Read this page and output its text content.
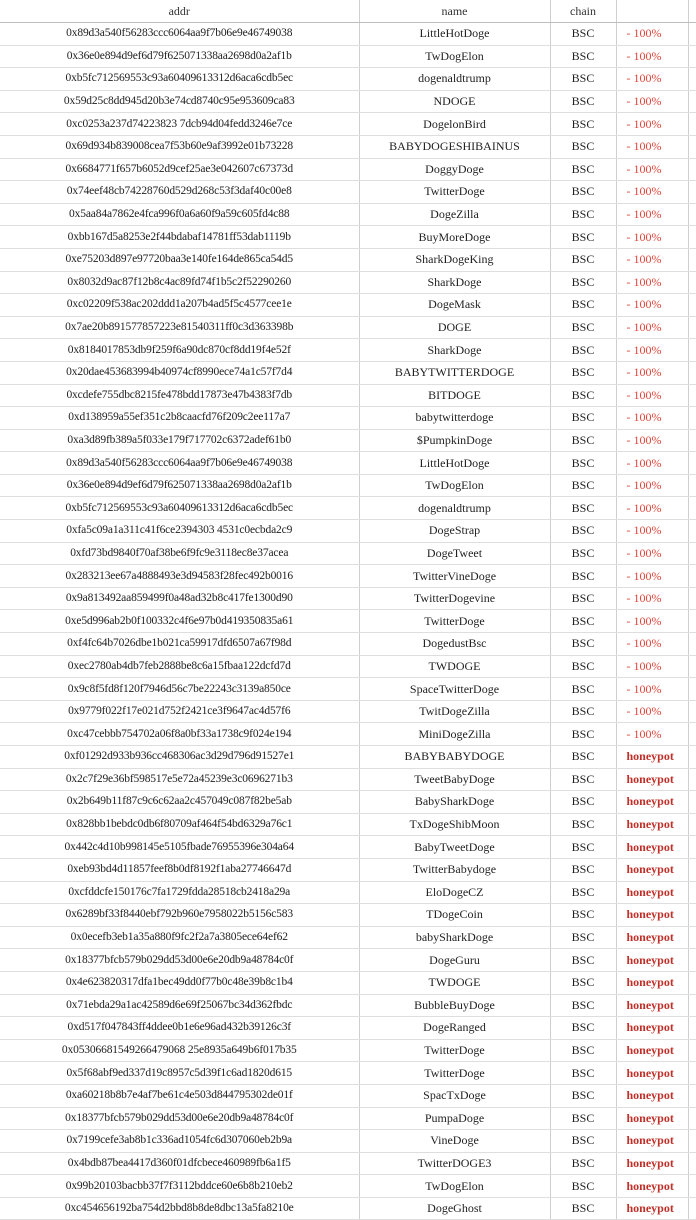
addr	name	chain		
0x89d3a540f56283ccc6064aa9f7b06e9e46749038	LittleHotDoge	BSC	- 100%	
0x36e0e894d9ef6d79f625071338aa2698d0a2af1b	TwDogElon	BSC	- 100%	
0xb5fc712569553c93a60409613312d6aca6cdb5ec	dogenaldtrump	BSC	- 100%	
0x59d25c8dd945d20b3e74cd8740c95e953609ca83	NDOGE	BSC	- 100%	
0xc0253a237d74223823 7dcb94d04fedd3246e7ce	DogelonBird	BSC	- 100%	
0x69d934b839008cea7f53b60e9af3992e01b73228	BABYDOGESHIBAINUS	BSC	- 100%	
0x6684771f657b6052d9cef25ae3e042607c67373d	DoggyDoge	BSC	- 100%	
0x74eef48cb74228760d529d268c53f3daf40c00e8	TwitterDoge	BSC	- 100%	
0x5aa84a7862e4fca996f0a6a60f9a59c605fd4c88	DogeZilla	BSC	- 100%	
0xbb167d5a8253e2f44bdabaf14781ff53dab1119b	BuyMoreDoge	BSC	- 100%	
0xe75203d897e97720baa3e140fe164de865ca54d5	SharkDogeKing	BSC	- 100%	
0x8032d9ac87f12b8c4ac89fd74f1b5c2f52290260	SharkDoge	BSC	- 100%	
0xc02209f538ac202ddd1a207b4ad5f5c4577cee1e	DogeMask	BSC	- 100%	
0x7ae20b891577857223e81540311ff0c3d363398b	DOGE	BSC	- 100%	
0x8184017853db9f259f6a90dc870cf8dd19f4e52f	SharkDoge	BSC	- 100%	
0x20dae453683994b40974cf8990ece74a1c57f7d4	BABYTWITTERDOGE	BSC	- 100%	
0xcdefe755dbc8215fe478bdd17873e47b4383f7db	BITDOGE	BSC	- 100%	
0xd138959a55ef351c2b8caacfd76f209c2ee117a7	babytwitterdoge	BSC	- 100%	
0xa3d89fb389a5f033e179f717702c6372adef61b0	$PumpkinDoge	BSC	- 100%	
0x89d3a540f56283ccc6064aa9f7b06e9e46749038	LittleHotDoge	BSC	- 100%	
0x36e0e894d9ef6d79f625071338aa2698d0a2af1b	TwDogElon	BSC	- 100%	
0xb5fc712569553c93a60409613312d6aca6cdb5ec	dogenaldtrump	BSC	- 100%	
0xfa5c09a1a311c41f6ce2394303 4531c0ecbda2c9	DogeStrap	BSC	- 100%	
0xfd73bd9840f70af38be6f9fc9e3118ec8e37acea	DogeTweet	BSC	- 100%	
0x283213ee67a4888493e3d94583f28fec492b0016	TwitterVineDoge	BSC	- 100%	
0x9a813492aa859499f0a48ad32b8c417fe1300d90	TwitterDogevine	BSC	- 100%	
0xe5d996ab2b0f100332c4f6e97b0d419350835a61	TwitterDoge	BSC	- 100%	
0xf4fc64b7026dbe1b021ca59917dfd6507a67f98d	DogedustBsc	BSC	- 100%	
0xec2780ab4db7feb2888be8c6a15fbaa122dcfd7d	TWDOGE	BSC	- 100%	
0x9c8f5fd8f120f7946d56c7be22243c3139a850ce	SpaceTwitterDoge	BSC	- 100%	
0x9779f022f17e021d752f2421ce3f9647ac4d57f6	TwitDogeZilla	BSC	- 100%	
0xc47cebbb754702a06f8a0bf33a1738c9f024e194	MiniDogeZilla	BSC	- 100%	
0xf01292d933b936cc468306ac3d29d796d91527e1	BABYBABYDOGE	BSC	honeypot	
0x2c7f29e36bf598517e5e72a45239e3c0696271b3	TweetBabyDoge	BSC	honeypot	
0x2b649b11f87c9c6c62aa2c457049c087f82be5ab	BabySharkDoge	BSC	honeypot	
0x828bb1bebdc0db6f80709af464f54bd6329a76c1	TxDogeShibMoon	BSC	honeypot	
0x442c4d10b998145e5105fbade76955396e304a64	BabyTweetDoge	BSC	honeypot	
0xeb93bd4d11857feef8b0df8192f1aba27746647d	TwitterBabydoge	BSC	honeypot	
0xcfddcfe150176c7fa1729fdda28518cb2418a29a	EloDogeCZ	BSC	honeypot	
0x6289bf33f8440ebf792b960e7958022b5156c583	TDogeCoin	BSC	honeypot	
0x0ecefb3eb1a35a880f9fc2f2a7a3805ece64ef62	babySharkDoge	BSC	honeypot	
0x18377bfcb579b029dd53d00e6e20db9a48784c0f	DogeGuru	BSC	honeypot	
0x4e623820317dfa1bec49dd0f77b0c48e39b8c1b4	TWDOGE	BSC	honeypot	
0x71ebda29a1ac42589d6e69f25067bc34d362fbdc	BubbleBuyDoge	BSC	honeypot	
0xd517f047843ff4ddee0b1e6e96ad432b39126c3f	DogeRanged	BSC	honeypot	
0x05306681549266479068 25e8935a649b6f017b35	TwitterDoge	BSC	honeypot	
0x5f68abf9ed337d19c8957c5d39f1c6ad1820d615	TwitterDoge	BSC	honeypot	
0xa60218b8b7e4af7be61c4e503d844795302de01f	SpacTxDoge	BSC	honeypot	
0x18377bfcb579b029dd53d00e6e20db9a48784c0f	PumpaDoge	BSC	honeypot	
0x7199cefe3ab8b1c336ad1054fc6d307060eb2b9a	VineDoge	BSC	honeypot	
0x4bdb87bea4417d360f01dfcbece460989fb6a1f5	TwitterDOGE3	BSC	honeypot	
0x99b20103bacbb37f7f3112bddce60e6b8b210eb2	TwDogElon	BSC	honeypot	
0xc454656192ba754d2bbd8b8de8dbc13a5fa8210e	DogeGhost	BSC	honeypot	
